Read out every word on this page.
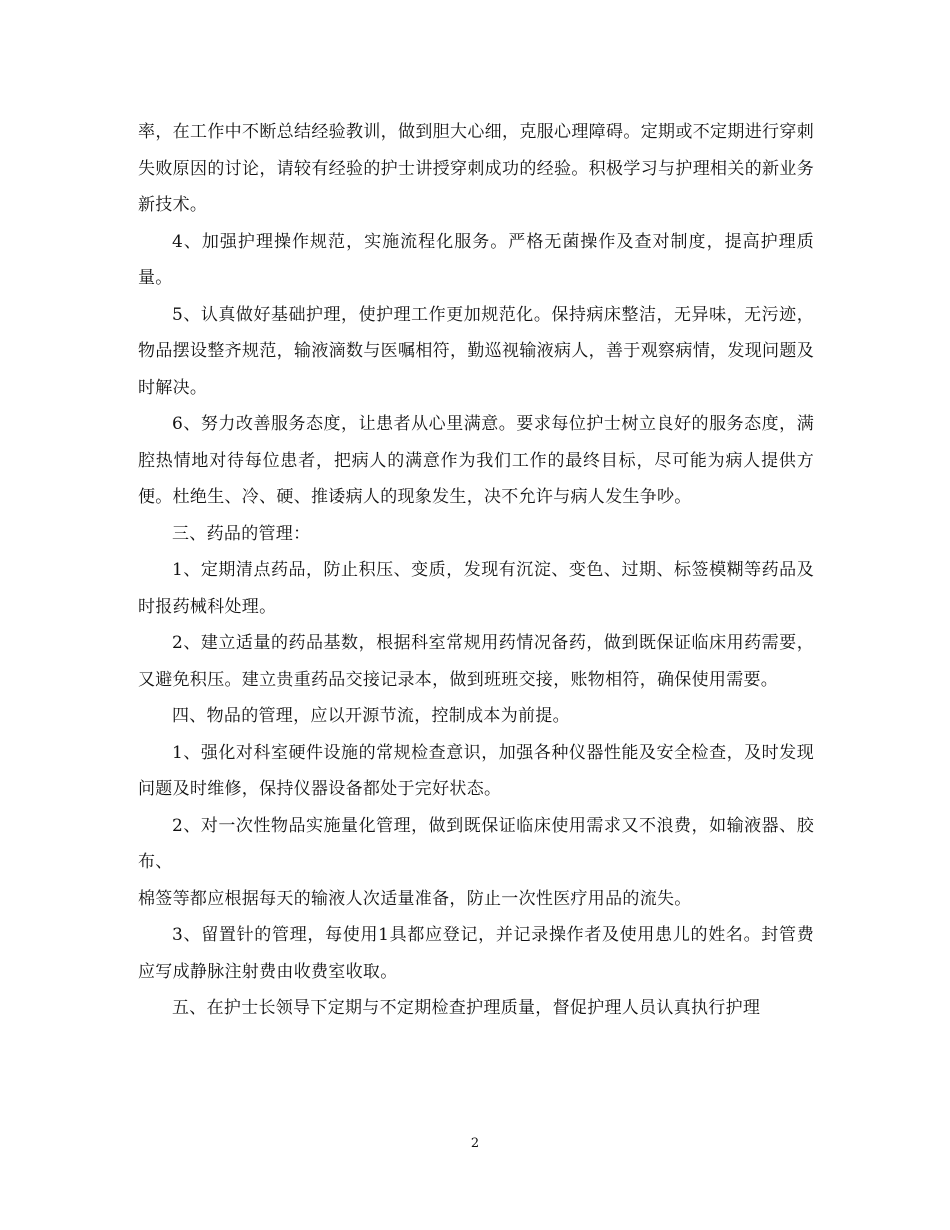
率，在工作中不断总结经验教训，做到胆大心细，克服心理障碍。定期或不定期进行穿刺失败原因的讨论，请较有经验的护士讲授穿刺成功的经验。积极学习与护理相关的新业务新技术。

4、加强护理操作规范，实施流程化服务。严格无菌操作及查对制度，提高护理质量。

5、认真做好基础护理，使护理工作更加规范化。保持病床整洁，无异味，无污迹，物品摆设整齐规范，输液滴数与医嘱相符，勤巡视输液病人，善于观察病情，发现问题及时解决。

6、努力改善服务态度，让患者从心里满意。要求每位护士树立良好的服务态度，满腔热情地对待每位患者，把病人的满意作为我们工作的最终目标，尽可能为病人提供方便。杜绝生、冷、硬、推诿病人的现象发生，决不允许与病人发生争吵。

三、药品的管理：

1、定期清点药品，防止积压、变质，发现有沉淀、变色、过期、标签模糊等药品及时报药械科处理。

2、建立适量的药品基数，根据科室常规用药情况备药，做到既保证临床用药需要，又避免积压。建立贵重药品交接记录本，做到班班交接，账物相符，确保使用需要。

四、物品的管理，应以开源节流，控制成本为前提。

1、强化对科室硬件设施的常规检查意识，加强各种仪器性能及安全检查，及时发现问题及时维修，保持仪器设备都处于完好状态。

2、对一次性物品实施量化管理，做到既保证临床使用需求又不浪费，如输液器、胶布、

棉签等都应根据每天的输液人次适量准备，防止一次性医疗用品的流失。

3、留置针的管理，每使用1具都应登记，并记录操作者及使用患儿的姓名。封管费应写成静脉注射费由收费室收取。

五、在护士长领导下定期与不定期检查护理质量，督促护理人员认真执行护理

2
